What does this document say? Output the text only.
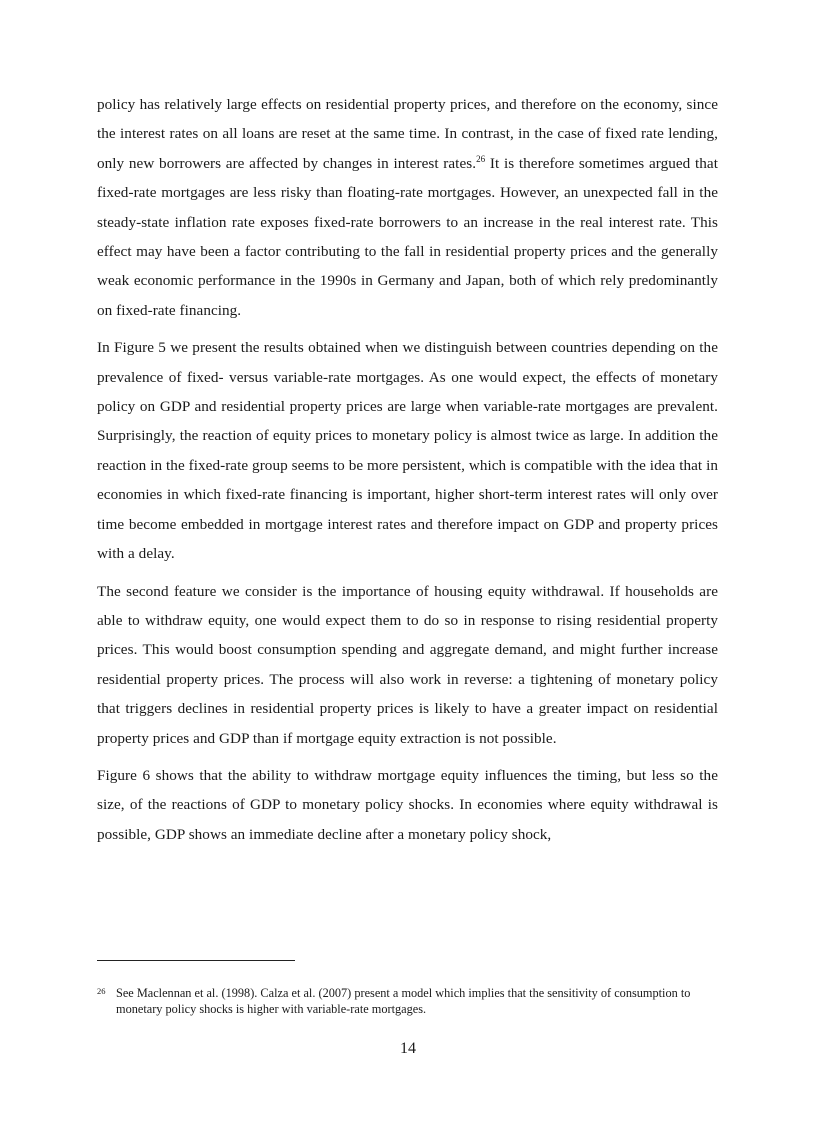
policy has relatively large effects on residential property prices, and therefore on the economy, since the interest rates on all loans are reset at the same time. In contrast, in the case of fixed rate lending, only new borrowers are affected by changes in interest rates.$^{26}$ It is therefore sometimes argued that fixed-rate mortgages are less risky than floating-rate mortgages. However, an unexpected fall in the steady-state inflation rate exposes fixed-rate borrowers to an increase in the real interest rate. This effect may have been a factor contributing to the fall in residential property prices and the generally weak economic performance in the 1990s in Germany and Japan, both of which rely predominantly on fixed-rate financing.

In Figure 5 we present the results obtained when we distinguish between countries depending on the prevalence of fixed- versus variable-rate mortgages. As one would expect, the effects of monetary policy on GDP and residential property prices are large when variable-rate mortgages are prevalent. Surprisingly, the reaction of equity prices to monetary policy is almost twice as large. In addition the reaction in the fixed-rate group seems to be more persistent, which is compatible with the idea that in economies in which fixed-rate financing is important, higher short-term interest rates will only over time become embedded in mortgage interest rates and therefore impact on GDP and property prices with a delay.

The second feature we consider is the importance of housing equity withdrawal. If households are able to withdraw equity, one would expect them to do so in response to rising residential property prices. This would boost consumption spending and aggregate demand, and might further increase residential property prices. The process will also work in reverse: a tightening of monetary policy that triggers declines in residential property prices is likely to have a greater impact on residential property prices and GDP than if mortgage equity extraction is not possible.

Figure 6 shows that the ability to withdraw mortgage equity influences the timing, but less so the size, of the reactions of GDP to monetary policy shocks. In economies where equity withdrawal is possible, GDP shows an immediate decline after a monetary policy shock,

26 See Maclennan et al. (1998). Calza et al. (2007) present a model which implies that the sensitivity of consumption to monetary policy shocks is higher with variable-rate mortgages.
14
